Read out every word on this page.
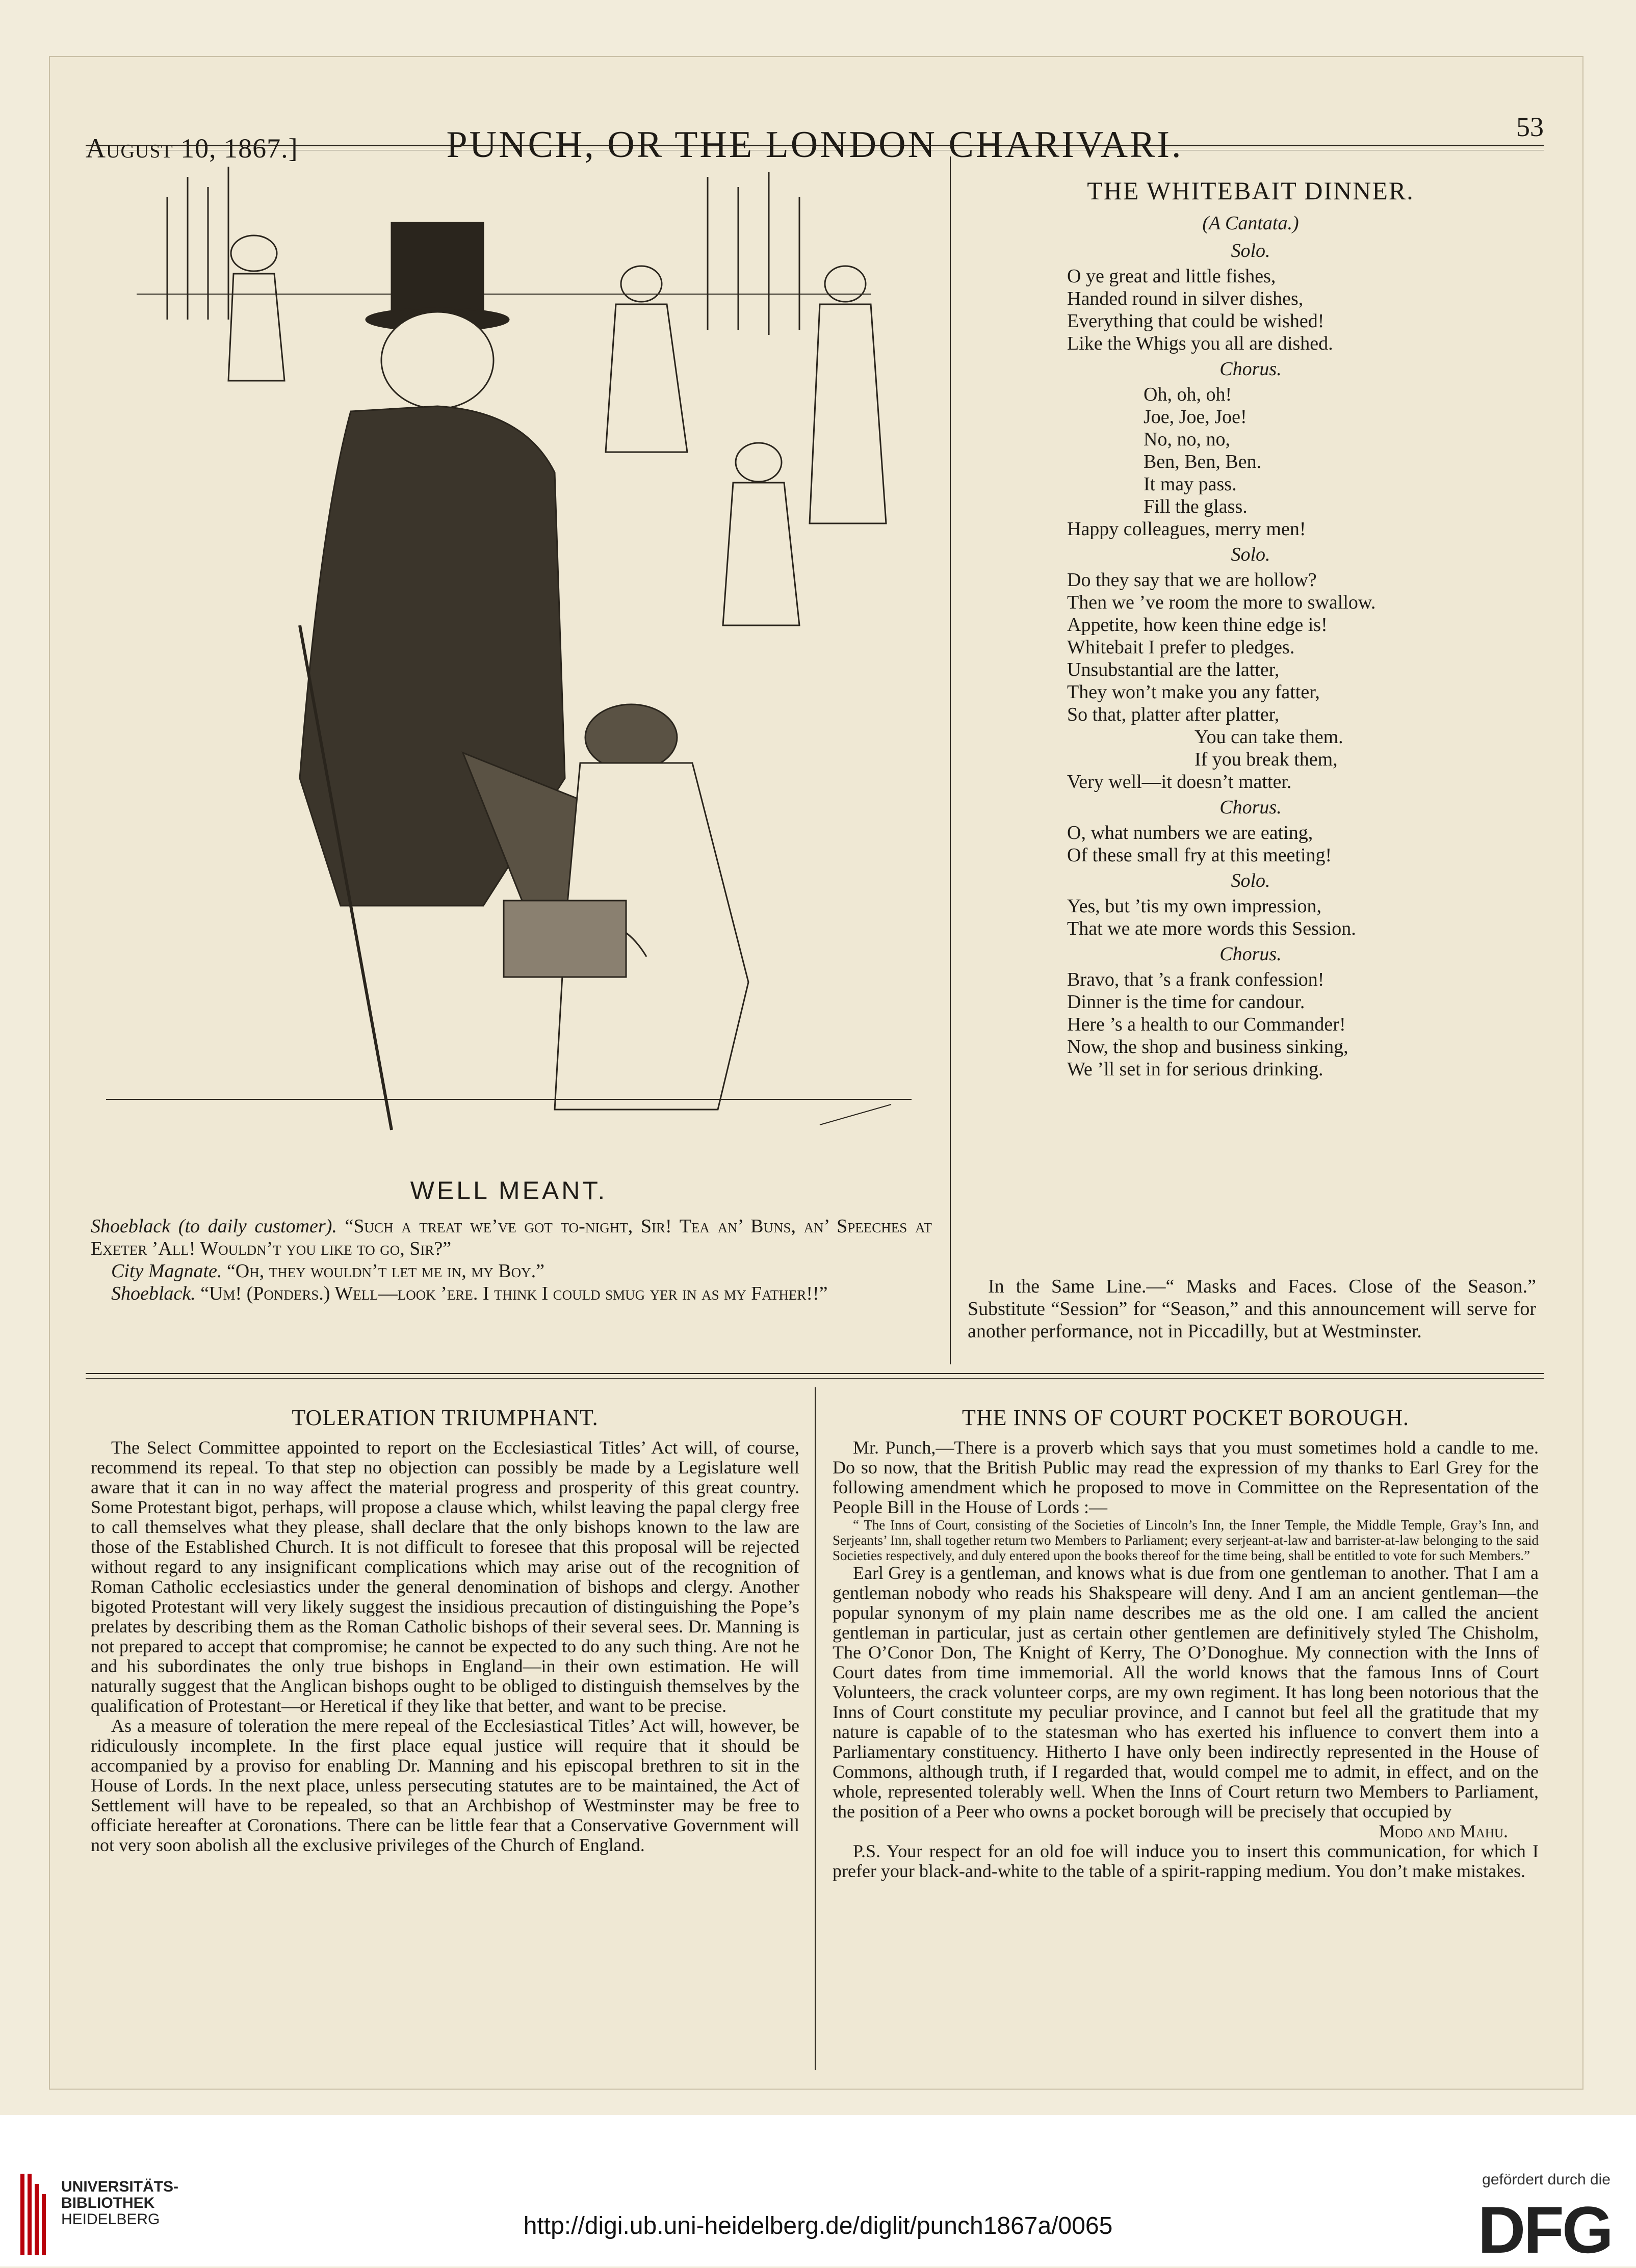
August 10, 1867.]	PUNCH, OR THE LONDON CHARIVARI.	53
WELL MEANT.

Shoeblack (to daily customer). “Such a treat we’ve got to-night, Sir! Tea an’ Buns, an’ Speeches at Exeter ’All! Wouldn’t you like to go, Sir?”

City Magnate. “Oh, they wouldn’t let me in, my Boy.”

Shoeblack. “Um! (Ponders.) Well—look ’ere. I think I could smug yer in as my Father!!”

THE WHITEBAIT DINNER.
(A Cantata.)
Solo.
O ye great and little fishes,
Handed round in silver dishes,
Everything that could be wished!
Like the Whigs you all are dished.
Chorus.
Oh, oh, oh!
Joe, Joe, Joe!
No, no, no,
Ben, Ben, Ben.
It may pass.
Fill the glass.
Happy colleagues, merry men!
Solo.
Do they say that we are hollow?
Then we ’ve room the more to swallow.
Appetite, how keen thine edge is!
Whitebait I prefer to pledges.
Unsubstantial are the latter,
They won’t make you any fatter,
So that, platter after platter,
You can take them.
If you break them,
Very well—it doesn’t matter.
Chorus.
O, what numbers we are eating,
Of these small fry at this meeting!
Solo.
Yes, but ’tis my own impression,
That we ate more words this Session.
Chorus.
Bravo, that ’s a frank confession!
Dinner is the time for candour.
Here ’s a health to our Commander!
Now, the shop and business sinking,
We ’ll set in for serious drinking.

In the Same Line.—“ Masks and Faces. Close of the Season.” Substitute “Session” for “Season,” and this announcement will serve for another performance, not in Piccadilly, but at Westminster.

TOLERATION TRIUMPHANT.

The Select Committee appointed to report on the Ecclesiastical Titles’ Act will, of course, recommend its repeal. To that step no objection can possibly be made by a Legislature well aware that it can in no way affect the material progress and prosperity of this great country. Some Protestant bigot, perhaps, will propose a clause which, whilst leaving the papal clergy free to call themselves what they please, shall declare that the only bishops known to the law are those of the Established Church. It is not difficult to foresee that this proposal will be rejected without regard to any insignificant complications which may arise out of the recognition of Roman Catholic ecclesiastics under the general denomination of bishops and clergy. Another bigoted Protestant will very likely suggest the insidious precaution of distinguishing the Pope’s prelates by describing them as the Roman Catholic bishops of their several sees. Dr. Manning is not prepared to accept that compromise; he cannot be expected to do any such thing. Are not he and his subordinates the only true bishops in England—in their own estimation. He will naturally suggest that the Anglican bishops ought to be obliged to distinguish themselves by the qualification of Protestant—or Heretical if they like that better, and want to be precise.

As a measure of toleration the mere repeal of the Ecclesiastical Titles’ Act will, however, be ridiculously incomplete. In the first place equal justice will require that it should be accompanied by a proviso for enabling Dr. Manning and his episcopal brethren to sit in the House of Lords. In the next place, unless persecuting statutes are to be maintained, the Act of Settlement will have to be repealed, so that an Archbishop of Westminster may be free to officiate hereafter at Coronations. There can be little fear that a Conservative Government will not very soon abolish all the exclusive privileges of the Church of England.

THE INNS OF COURT POCKET BOROUGH.

Mr. Punch,—There is a proverb which says that you must sometimes hold a candle to me. Do so now, that the British Public may read the expression of my thanks to Earl Grey for the following amendment which he proposed to move in Committee on the Representation of the People Bill in the House of Lords :—

“ The Inns of Court, consisting of the Societies of Lincoln’s Inn, the Inner Temple, the Middle Temple, Gray’s Inn, and Serjeants’ Inn, shall together return two Members to Parliament; every serjeant-at-law and barrister-at-law belonging to the said Societies respectively, and duly entered upon the books thereof for the time being, shall be entitled to vote for such Members.”

Earl Grey is a gentleman, and knows what is due from one gentleman to another. That I am a gentleman nobody who reads his Shakspeare will deny. And I am an ancient gentleman—the popular synonym of my plain name describes me as the old one. I am called the ancient gentleman in particular, just as certain other gentlemen are definitively styled The Chisholm, The O’Conor Don, The Knight of Kerry, The O’Donoghue. My connection with the Inns of Court dates from time immemorial. All the world knows that the famous Inns of Court Volunteers, the crack volunteer corps, are my own regiment. It has long been notorious that the Inns of Court constitute my peculiar province, and I cannot but feel all the gratitude that my nature is capable of to the statesman who has exerted his influence to convert them into a Parliamentary constituency. Hitherto I have only been indirectly represented in the House of Commons, although truth, if I regarded that, would compel me to admit, in effect, and on the whole, represented tolerably well. When the Inns of Court return two Members to Parliament, the position of a Peer who owns a pocket borough will be precisely that occupied by

Modo and Mahu.

P.S. Your respect for an old foe will induce you to insert this communication, for which I prefer your black-and-white to the table of a spirit-rapping medium. You don’t make mistakes.

UNIVERSITÄTS-
BIBLIOTHEK
HEIDELBERG	http://digi.ub.uni-heidelberg.de/diglit/punch1867a/0065
gefördert durch die
DFG
